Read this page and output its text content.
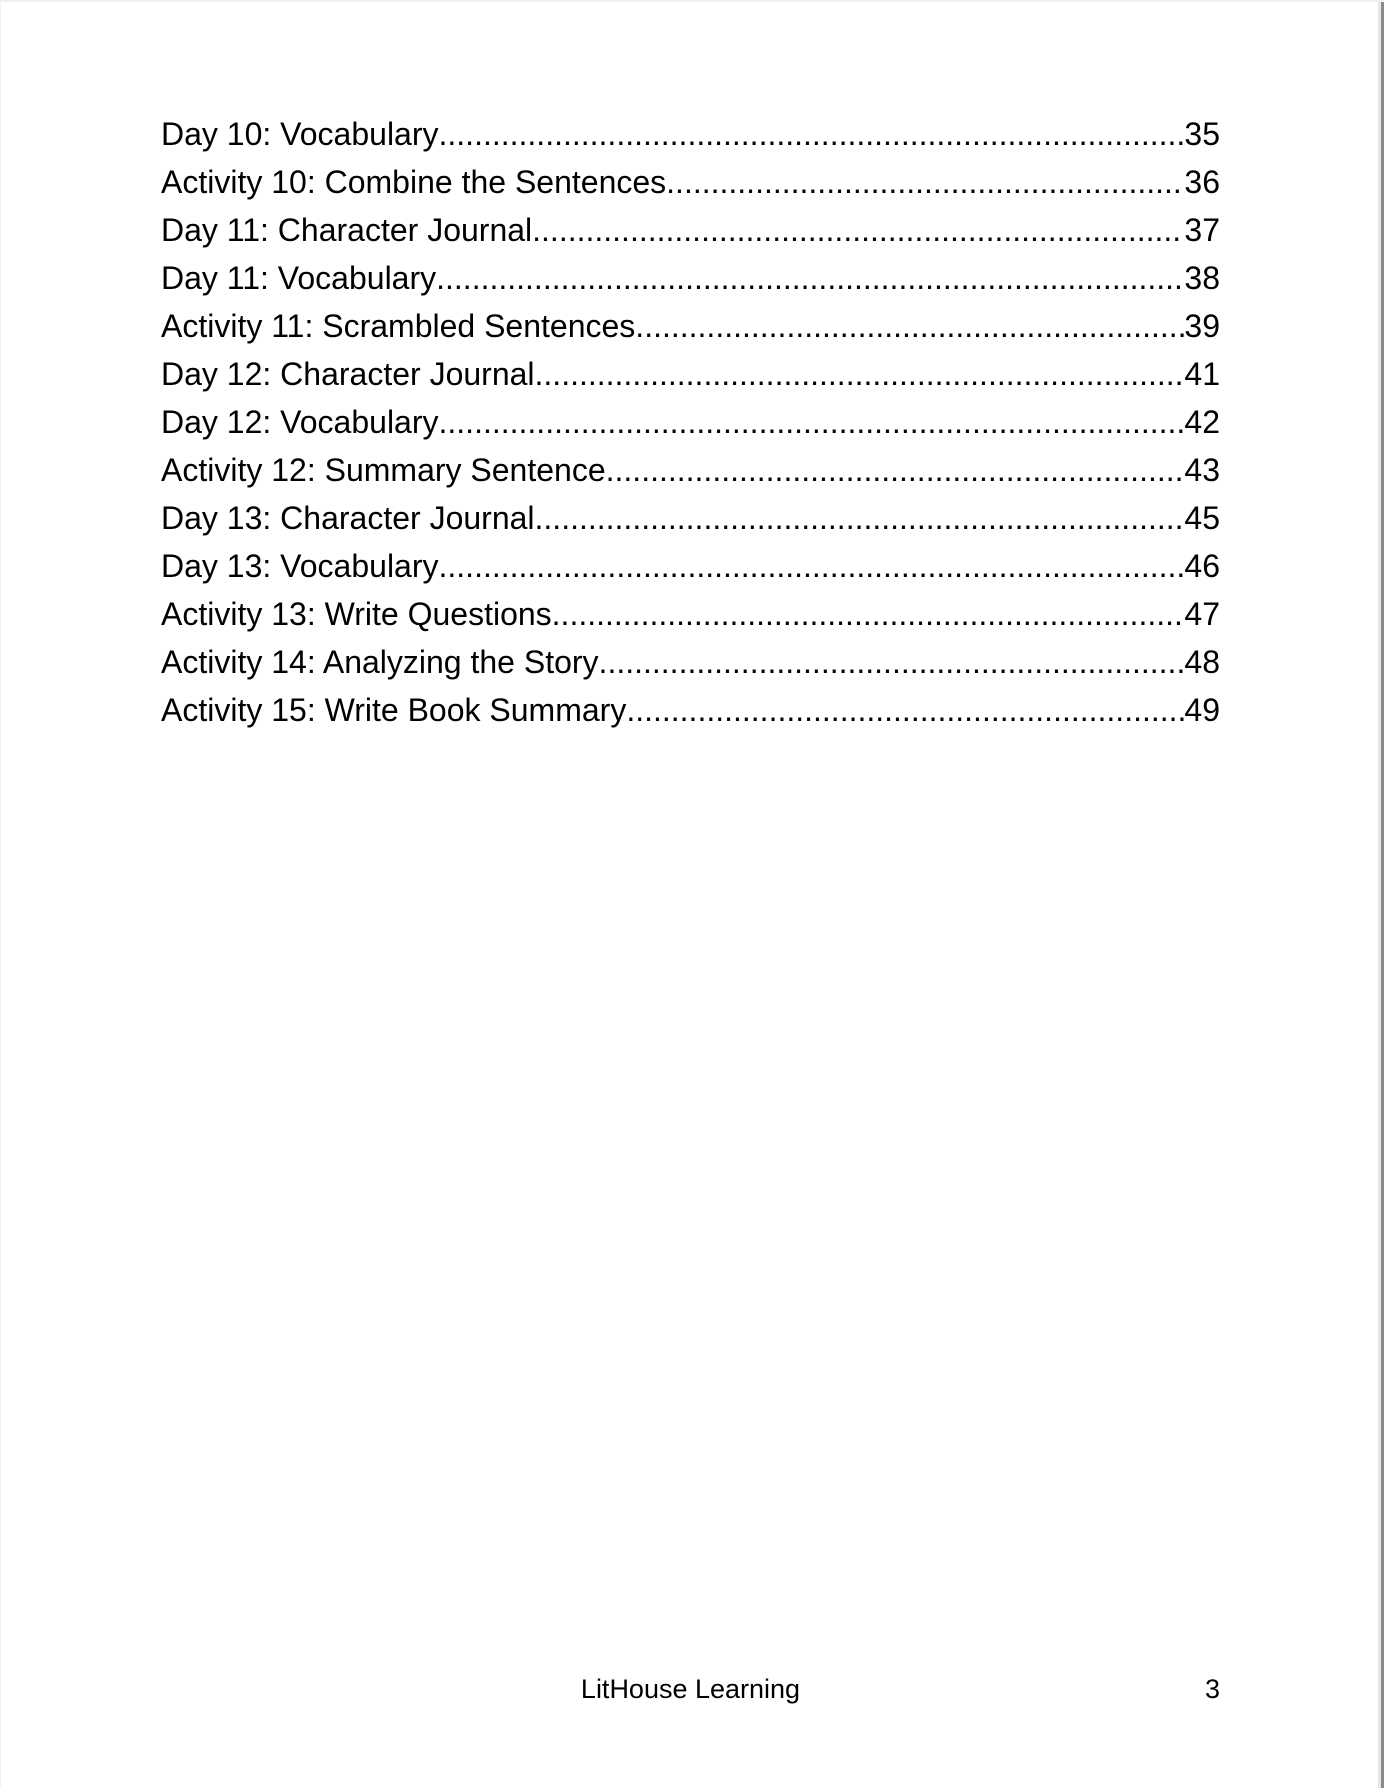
Day 10: Vocabulary .....	35
Activity 10: Combine the Sentences .....	36
Day 11: Character Journal .....	37
Day 11: Vocabulary .....	38
Activity 11: Scrambled Sentences .....	39
Day 12: Character Journal .....	41
Day 12: Vocabulary .....	42
Activity 12: Summary Sentence .....	43
Day 13: Character Journal .....	45
Day 13: Vocabulary .....	46
Activity 13: Write Questions .....	47
Activity 14: Analyzing the Story .....	48
Activity 15: Write Book Summary .....	49
LitHouse Learning	3
